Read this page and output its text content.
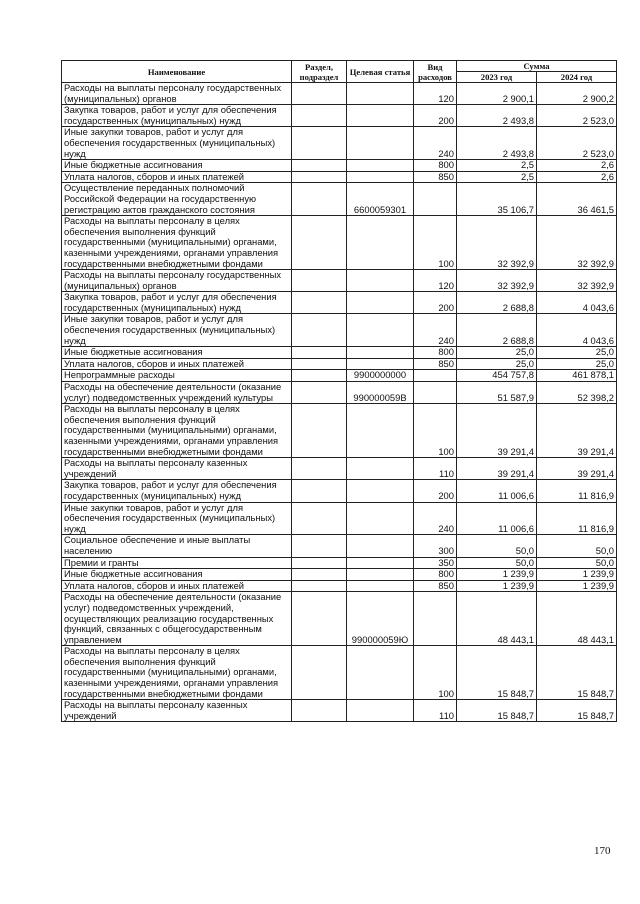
Наименование	Раздел, подраздел	Целевая статья	Вид расходов	Сумма	
				2023 год	2024 год
Расходы на выплаты персоналу государственных (муниципальных) органов			120	2 900,1	2 900,2
Закупка товаров, работ и услуг для обеспечения государственных (муниципальных) нужд			200	2 493,8	2 523,0
Иные закупки товаров, работ и услуг для обеспечения государственных (муниципальных) нужд			240	2 493,8	2 523,0
Иные бюджетные ассигнования			800	2,5	2,6
Уплата налогов, сборов и иных платежей			850	2,5	2,6
Осуществление переданных полномочий Российской Федерации на государственную регистрацию актов гражданского состояния		6600059301		35 106,7	36 461,5
Расходы на выплаты персоналу в целях обеспечения выполнения функций государственными (муниципальными) органами, казенными учреждениями, органами управления государственными внебюджетными фондами			100	32 392,9	32 392,9
Расходы на выплаты персоналу государственных (муниципальных) органов			120	32 392,9	32 392,9
Закупка товаров, работ и услуг для обеспечения государственных (муниципальных) нужд			200	2 688,8	4 043,6
Иные закупки товаров, работ и услуг для обеспечения государственных (муниципальных) нужд			240	2 688,8	4 043,6
Иные бюджетные ассигнования			800	25,0	25,0
Уплата налогов, сборов и иных платежей			850	25,0	25,0
Непрограммные расходы		9900000000		454 757,8	461 878,1
Расходы на обеспечение деятельности (оказание услуг) подведомственных учреждений культуры		990000059В		51 587,9	52 398,2
Расходы на выплаты персоналу в целях обеспечения выполнения функций государственными (муниципальными) органами, казенными учреждениями, органами управления государственными внебюджетными фондами			100	39 291,4	39 291,4
Расходы на выплаты персоналу казенных учреждений			110	39 291,4	39 291,4
Закупка товаров, работ и услуг для обеспечения государственных (муниципальных) нужд			200	11 006,6	11 816,9
Иные закупки товаров, работ и услуг для обеспечения государственных (муниципальных) нужд			240	11 006,6	11 816,9
Социальное обеспечение и иные выплаты населению			300	50,0	50,0
Премии и гранты			350	50,0	50,0
Иные бюджетные ассигнования			800	1 239,9	1 239,9
Уплата налогов, сборов и иных платежей			850	1 239,9	1 239,9
Расходы на обеспечение деятельности (оказание услуг) подведомственных учреждений, осуществляющих реализацию государственных функций, связанных с общегосударственным управлением		990000059Ю		48 443,1	48 443,1
Расходы на выплаты персоналу в целях обеспечения выполнения функций государственными (муниципальными) органами, казенными учреждениями, органами управления государственными внебюджетными фондами			100	15 848,7	15 848,7
Расходы на выплаты персоналу казенных учреждений			110	15 848,7	15 848,7
170
